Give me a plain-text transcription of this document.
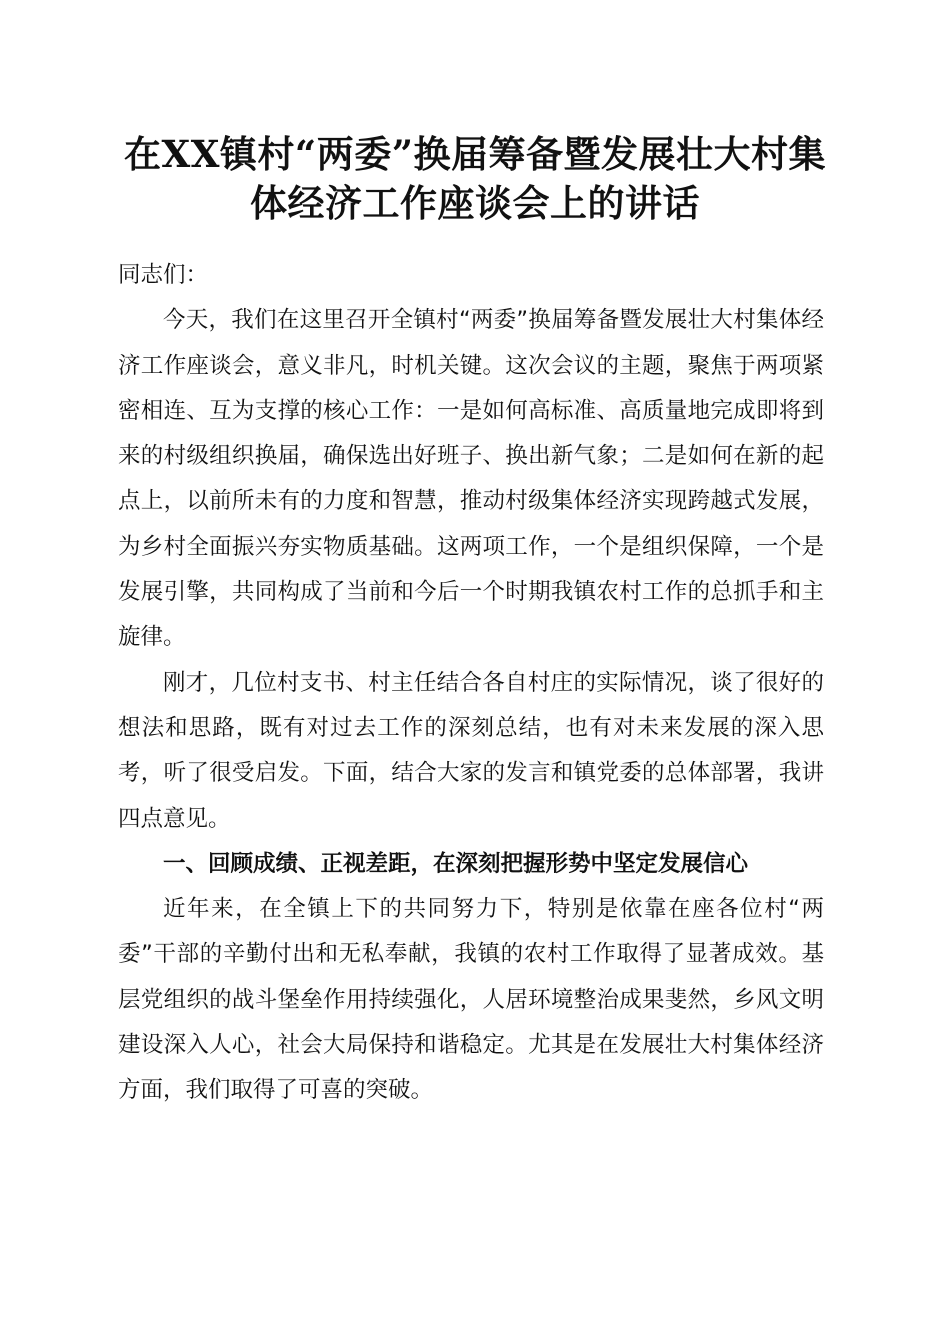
在XX镇村“两委”换届筹备暨发展壮大村集
体经济工作座谈会上的讲话

同志们：

今天，我们在这里召开全镇村“两委”换届筹备暨发展壮大村集体经济工作座谈会，意义非凡，时机关键。这次会议的主题，聚焦于两项紧密相连、互为支撑的核心工作：一是如何高标准、高质量地完成即将到来的村级组织换届，确保选出好班子、换出新气象；二是如何在新的起点上，以前所未有的力度和智慧，推动村级集体经济实现跨越式发展，为乡村全面振兴夯实物质基础。这两项工作，一个是组织保障，一个是发展引擎，共同构成了当前和今后一个时期我镇农村工作的总抓手和主旋律。

刚才，几位村支书、村主任结合各自村庄的实际情况，谈了很好的想法和思路，既有对过去工作的深刻总结，也有对未来发展的深入思考，听了很受启发。下面，结合大家的发言和镇党委的总体部署，我讲四点意见。

一、回顾成绩、正视差距，在深刻把握形势中坚定发展信心

近年来，在全镇上下的共同努力下，特别是依靠在座各位村“两委”干部的辛勤付出和无私奉献，我镇的农村工作取得了显著成效。基层党组织的战斗堡垒作用持续强化，人居环境整治成果斐然，乡风文明建设深入人心，社会大局保持和谐稳定。尤其是在发展壮大村集体经济方面，我们取得了可喜的突破。
